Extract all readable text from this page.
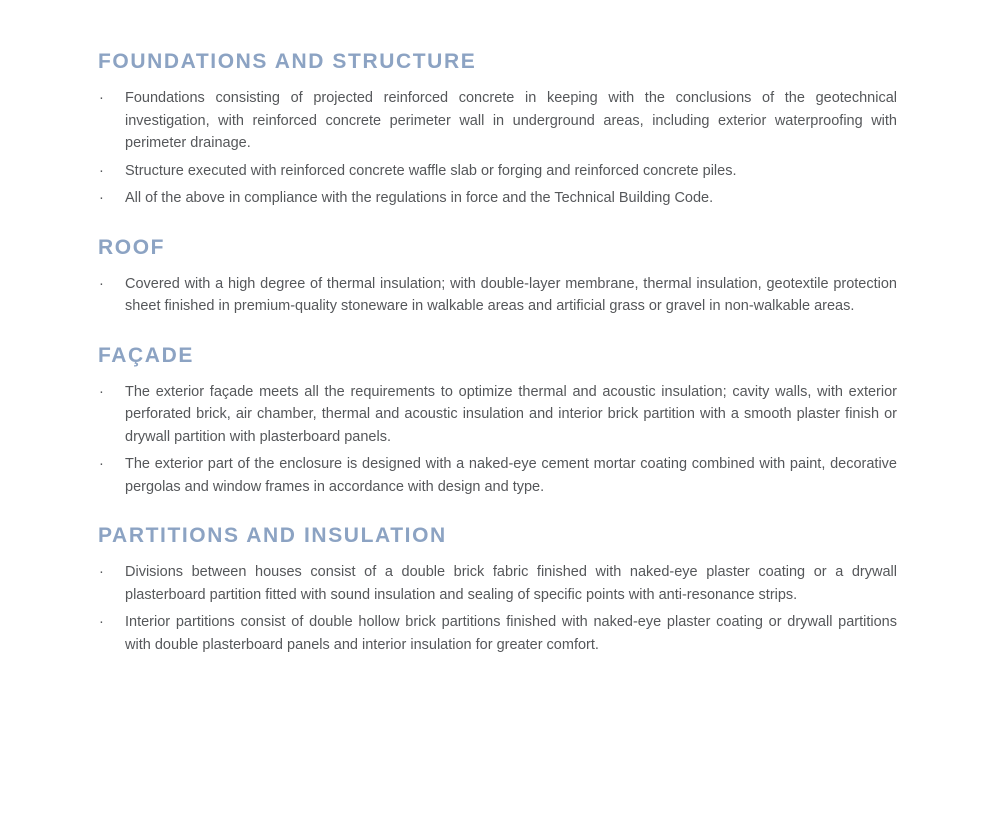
FOUNDATIONS AND STRUCTURE
·	Foundations consisting of projected reinforced concrete in keeping with the conclusions of the geotechnical investigation, with reinforced concrete perimeter wall in underground areas, including exterior waterproofing with perimeter drainage.
·	Structure executed with reinforced concrete waffle slab or forging and reinforced concrete piles.
·	All of the above in compliance with the regulations in force and the Technical Building Code.
ROOF
·	Covered with a high degree of thermal insulation; with double-layer membrane, thermal insulation, geotextile protection sheet finished in premium-quality stoneware in walkable areas and artificial grass or gravel in non-walkable areas.
FAÇADE
·	The exterior façade meets all the requirements to optimize thermal and acoustic insulation; cavity walls, with exterior perforated brick, air chamber, thermal and acoustic insulation and interior brick partition with a smooth plaster finish or drywall partition with plasterboard panels.
·	The exterior part of the enclosure is designed with a naked-eye cement mortar coating combined with paint, decorative pergolas and window frames in accordance with design and type.
PARTITIONS AND INSULATION
·	Divisions between houses consist of a double brick fabric finished with naked-eye plaster coating or a drywall plasterboard partition fitted with sound insulation and sealing of specific points with anti-resonance strips.
·	Interior partitions consist of double hollow brick partitions finished with naked-eye plaster coating or drywall partitions with double plasterboard panels and interior insulation for greater comfort.
